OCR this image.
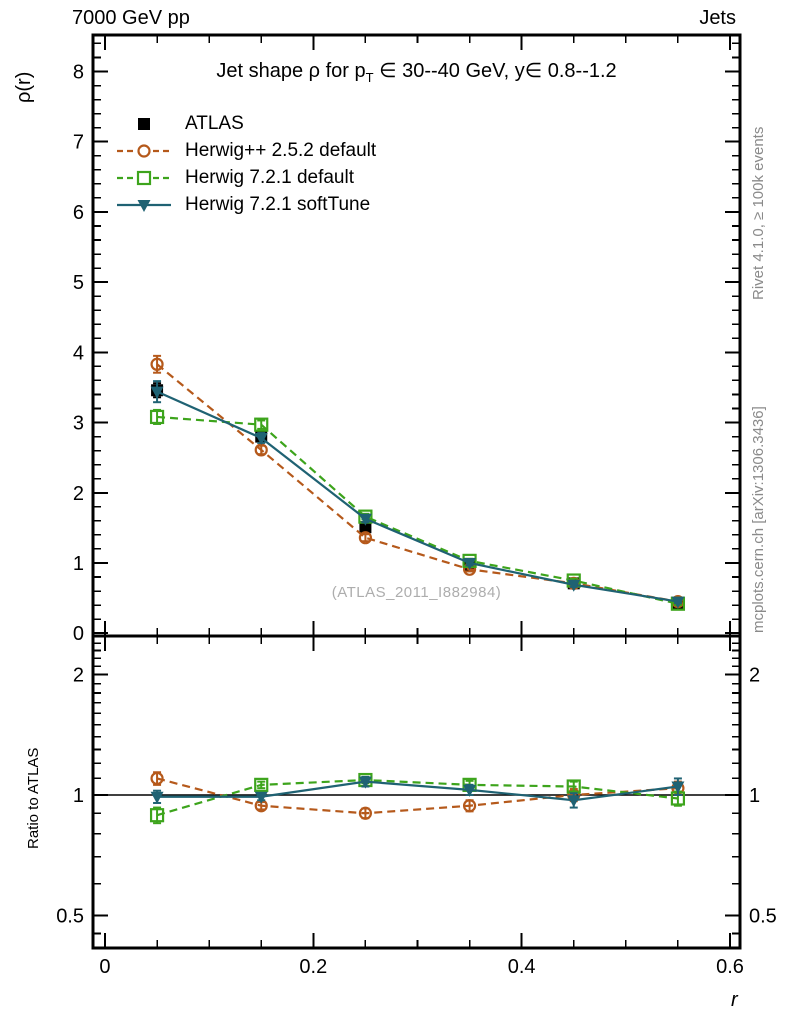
0	0.2	0.4	0.6
0
1
2
3
4
5
6
7
8
0.5	0.5
1	1
2	2
7000 GeV pp	Jets
Jet shape ρ for $p_T$ ∈ 30--40 GeV, y∈ 0.8--1.2
ATLAS
Herwig++ 2.5.2 default
Herwig 7.2.1 default
Herwig 7.2.1 softTune
ρ(r)
Ratio to ATLAS
r
Rivet 4.1.0, ≥ 100k events
mcplots.cern.ch [arXiv:1306.3436]
(ATLAS_2011_I882984)
